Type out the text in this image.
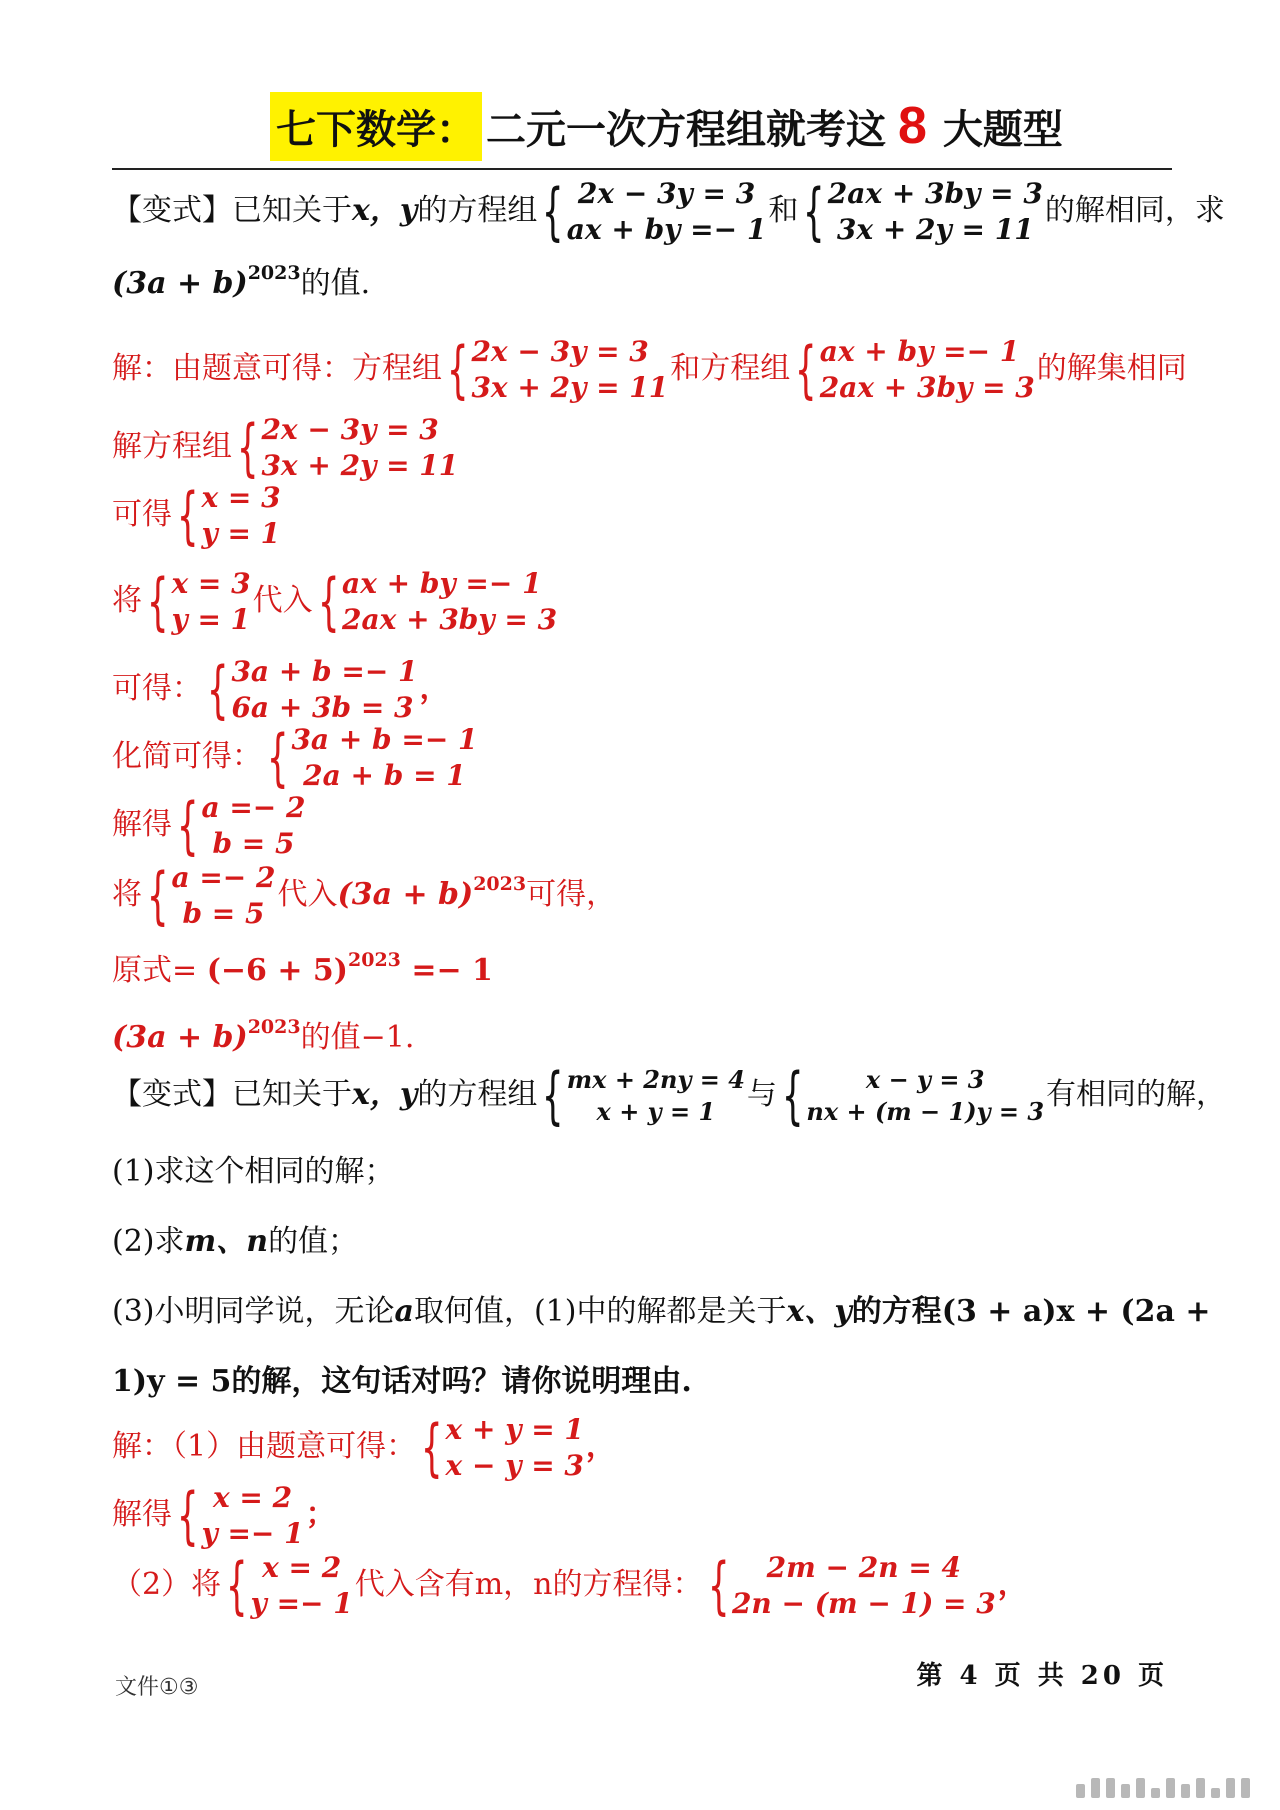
七下数学： 二元一次方程组就考这 8 大题型
【变式】已知关于x，y的方程组 { 2x − 3y = 3
ax + by =− 1
和 { 2ax + 3by = 3
3x + 2y = 11
的解相同，求
$(3a + b)^{2023}$的值.
解：由题意可得：方程组 { 2x − 3y = 3
3x + 2y = 11
和方程组 { ax + by =− 1
2ax + 3by = 3
的解集相同
解方程组 { 2x − 3y = 3
3x + 2y = 11
可得 { x = 3
y = 1
将 { x = 3
y = 1
代入 { ax + by =− 1
2ax + 3by = 3
可得： { 3a + b =− 1
6a + 3b = 3
，
化简可得： { 3a + b =− 1
2a + b = 1
解得 { a =− 2
b = 5
将 { a =− 2
b = 5
代入$(3a + b)^{2023}$可得，
原式= $(-6 + 5)^{2023} =- 1$
$(3a + b)^{2023}$的值−1.
【变式】已知关于x，y的方程组 { mx + 2ny = 4
x + y = 1 与 {	x − y = 3
nx + (m − 1)y = 3 有相同的解，
(1)求这个相同的解；
(2)求m、n的值；
(3)小明同学说，无论a取何值，(1)中的解都是关于x、y的方程(3 + a)x + (2a +
1)y = 5的解，这句话对吗？请你说明理由.
解：（1）由题意可得： { x + y = 1
x − y = 3
，
解得 { x = 2
y =− 1
；
（2）将 { x = 2
y =− 1
代入含有m，n的方程得： { 2m − 2n = 4
2n − (m − 1) = 3
，
第 4 页 共 20 页
文件①③
